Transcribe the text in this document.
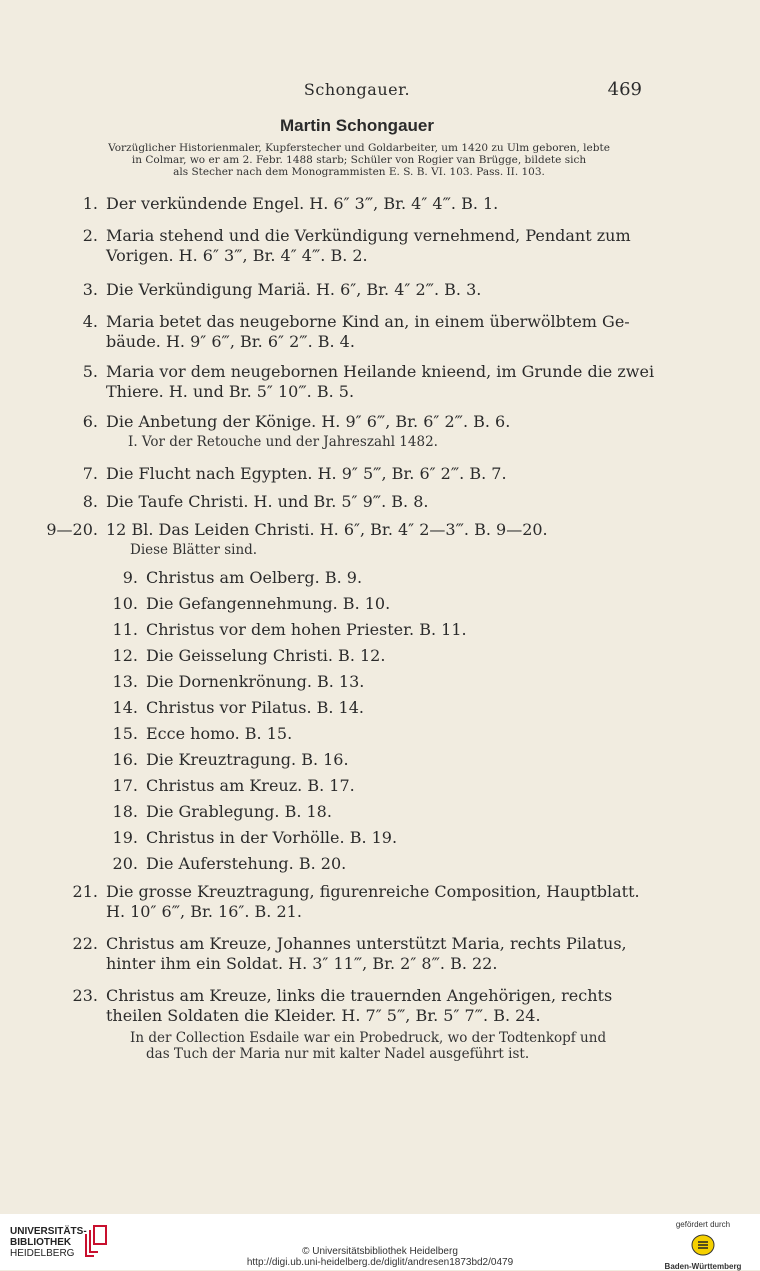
Schongauer.	469
Martin Schongauer
Vorzüglicher Historienmaler, Kupferstecher und Goldarbeiter, um 1420 zu Ulm geboren, lebte
in Colmar, wo er am 2. Febr. 1488 starb; Schüler von Rogier van Brügge, bildete sich
als Stecher nach dem Monogrammisten E. S. B. VI. 103. Pass. II. 103.
1. Der verkündende Engel. H. 6″ 3‴, Br. 4″ 4‴. B. 1.
2. Maria stehend und die Verkündigung vernehmend, Pendant zum
Vorigen. H. 6″ 3‴, Br. 4″ 4‴. B. 2.
3. Die Verkündigung Mariä. H. 6″, Br. 4″ 2‴. B. 3.
4. Maria betet das neugeborne Kind an, in einem überwölbtem Ge-
bäude. H. 9″ 6‴, Br. 6″ 2‴. B. 4.
5. Maria vor dem neugebornen Heilande knieend, im Grunde die zwei
Thiere. H. und Br. 5″ 10‴. B. 5.
6. Die Anbetung der Könige. H. 9″ 6‴, Br. 6″ 2‴. B. 6.
I. Vor der Retouche und der Jahreszahl 1482.
7. Die Flucht nach Egypten. H. 9″ 5‴, Br. 6″ 2‴. B. 7.
8. Die Taufe Christi. H. und Br. 5″ 9‴. B. 8.
9—20. 12 Bl. Das Leiden Christi. H. 6″, Br. 4″ 2—3‴. B. 9—20.
Diese Blätter sind.
9. Christus am Oelberg. B. 9.
10. Die Gefangennehmung. B. 10.
11. Christus vor dem hohen Priester. B. 11.
12. Die Geisselung Christi. B. 12.
13. Die Dornenkrönung. B. 13.
14. Christus vor Pilatus. B. 14.
15. Ecce homo. B. 15.
16. Die Kreuztragung. B. 16.
17. Christus am Kreuz. B. 17.
18. Die Grablegung. B. 18.
19. Christus in der Vorhölle. B. 19.
20. Die Auferstehung. B. 20.
21. Die grosse Kreuztragung, figurenreiche Composition, Hauptblatt.
H. 10″ 6‴, Br. 16″. B. 21.
22. Christus am Kreuze, Johannes unterstützt Maria, rechts Pilatus,
hinter ihm ein Soldat. H. 3″ 11‴, Br. 2″ 8‴. B. 22.
23. Christus am Kreuze, links die trauernden Angehörigen, rechts
theilen Soldaten die Kleider. H. 7″ 5‴, Br. 5″ 7‴. B. 24.
In der Collection Esdaile war ein Probedruck, wo der Todtenkopf und
das Tuch der Maria nur mit kalter Nadel ausgeführt ist.
UNIVERSITÄTS-
BIBLIOTHEK
HEIDELBERG	© Universitätsbibliothek Heidelberg
http://digi.ub.uni-heidelberg.de/diglit/andresen1873bd2/0479
gefördert durch
Baden-Württemberg
